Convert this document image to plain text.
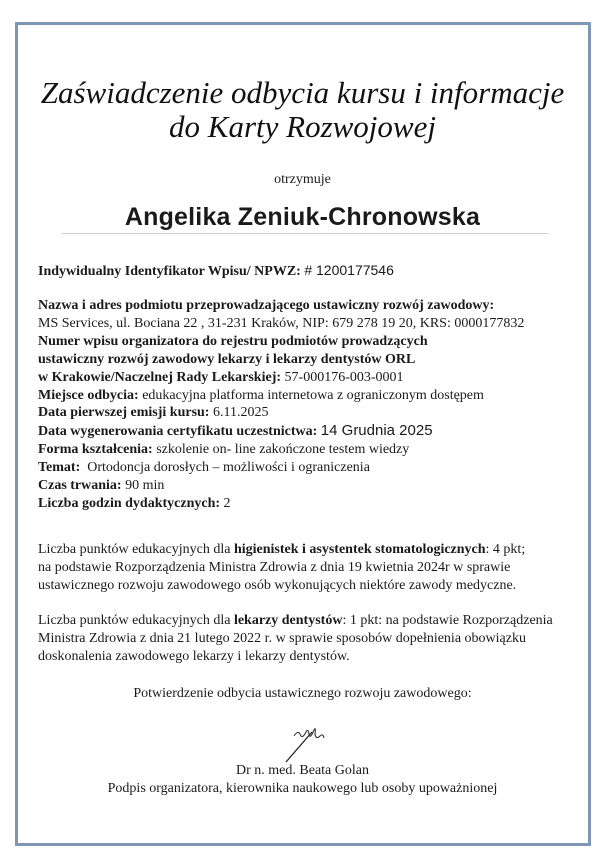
Zaświadczenie odbycia kursu i informacje
do Karty Rozwojowej
otrzymuje
Angelika Zeniuk-Chronowska
Indywidualny Identyfikator Wpisu/ NPWZ: # 1200177546
Nazwa i adres podmiotu przeprowadzającego ustawiczny rozwój zawodowy:
MS Services, ul. Bociana 22 , 31-231 Kraków, NIP: 679 278 19 20, KRS: 0000177832
Numer wpisu organizatora do rejestru podmiotów prowadzących
ustawiczny rozwój zawodowy lekarzy i lekarzy dentystów ORL
w Krakowie/Naczelnej Rady Lekarskiej: 57-000176-003-0001
Miejsce odbycia: edukacyjna platforma internetowa z ograniczonym dostępem
Data pierwszej emisji kursu: 6.11.2025
Data wygenerowania certyfikatu uczestnictwa: 14 Grudnia 2025
Forma kształcenia: szkolenie on- line zakończone testem wiedzy
Temat: Ortodoncja dorosłych – możliwości i ograniczenia
Czas trwania: 90 min
Liczba godzin dydaktycznych: 2
Liczba punktów edukacyjnych dla higienistek i asystentek stomatologicznych: 4 pkt;
na podstawie Rozporządzenia Ministra Zdrowia z dnia 19 kwietnia 2024r w sprawie
ustawicznego rozwoju zawodowego osób wykonujących niektóre zawody medyczne.
Liczba punktów edukacyjnych dla lekarzy dentystów: 1 pkt: na podstawie Rozporządzenia
Ministra Zdrowia z dnia 21 lutego 2022 r. w sprawie sposobów dopełnienia obowiązku
doskonalenia zawodowego lekarzy i lekarzy dentystów.
Potwierdzenie odbycia ustawicznego rozwoju zawodowego:
Dr n. med. Beata Golan
Podpis organizatora, kierownika naukowego lub osoby upoważnionej
